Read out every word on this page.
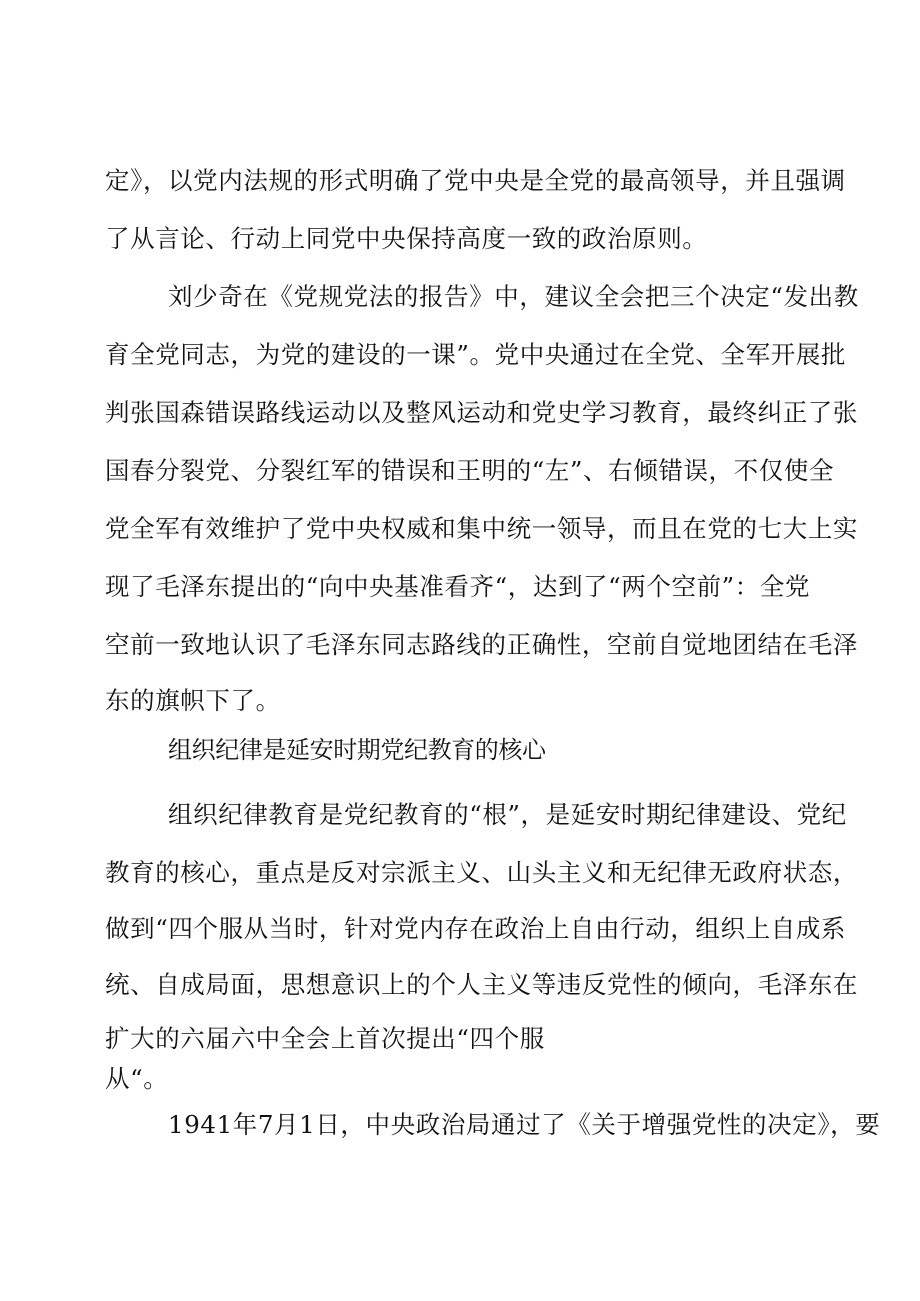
定》，以党内法规的形式明确了党中央是全党的最高领导，并且强调
了从言论、行动上同党中央保持高度一致的政治原则。
刘少奇在《党规党法的报告》中，建议全会把三个决定“发出教
育全党同志，为党的建设的一课”。党中央通过在全党、全军开展批
判张国森错误路线运动以及整风运动和党史学习教育，最终纠正了张
国春分裂党、分裂红军的错误和王明的“左”、右倾错误，不仅使全
党全军有效维护了党中央权威和集中统一领导，而且在党的七大上实
现了毛泽东提出的“向中央基准看齐“，达到了“两个空前”：全党
空前一致地认识了毛泽东同志路线的正确性，空前自觉地团结在毛泽
东的旗帜下了。
组织纪律是延安时期党纪教育的核心
组织纪律教育是党纪教育的“根”，是延安时期纪律建设、党纪
教育的核心，重点是反对宗派主义、山头主义和无纪律无政府状态，
做到“四个服从当时，针对党内存在政治上自由行动，组织上自成系
统、自成局面，思想意识上的个人主义等违反党性的倾向，毛泽东在
扩大的六届六中全会上首次提出“四个服
从“。
1941年7月1日，中央政治局通过了《关于增强党性的决定》，要
